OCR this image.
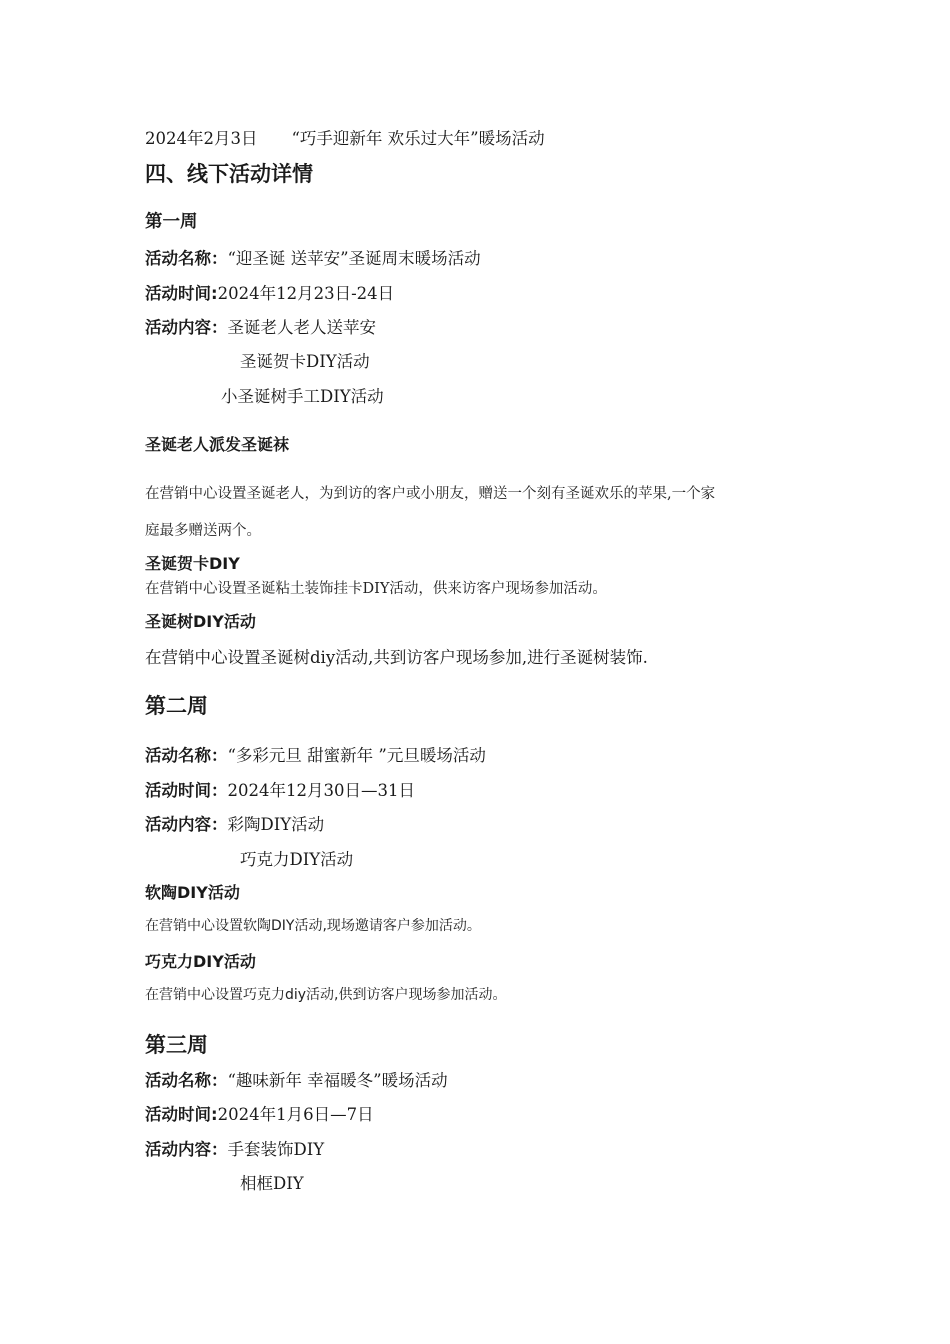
2024年2月3日 “巧手迎新年 欢乐过大年”暖场活动
四、线下活动详情
第一周
活动名称：“迎圣诞 送苹安”圣诞周末暖场活动
活动时间:2024年12月23日-24日
活动内容：圣诞老人老人送苹安
圣诞贺卡DIY活动
小圣诞树手工DIY活动
圣诞老人派发圣诞袜
在营销中心设置圣诞老人，为到访的客户或小朋友，赠送一个刻有圣诞欢乐的苹果,一个家
庭最多赠送两个。
圣诞贺卡DIY
在营销中心设置圣诞粘土装饰挂卡DIY活动，供来访客户现场参加活动。
圣诞树DIY活动
在营销中心设置圣诞树diy活动,共到访客户现场参加,进行圣诞树装饰.
第二周
活动名称：“多彩元旦 甜蜜新年 ”元旦暖场活动
活动时间：2024年12月30日—31日
活动内容：彩陶DIY活动
巧克力DIY活动
软陶DIY活动
在营销中心设置软陶DIY活动,现场邀请客户参加活动。
巧克力DIY活动
在营销中心设置巧克力diy活动,供到访客户现场参加活动。
第三周
活动名称：“趣味新年 幸福暖冬”暖场活动
活动时间:2024年1月6日—7日
活动内容：手套装饰DIY
相框DIY
